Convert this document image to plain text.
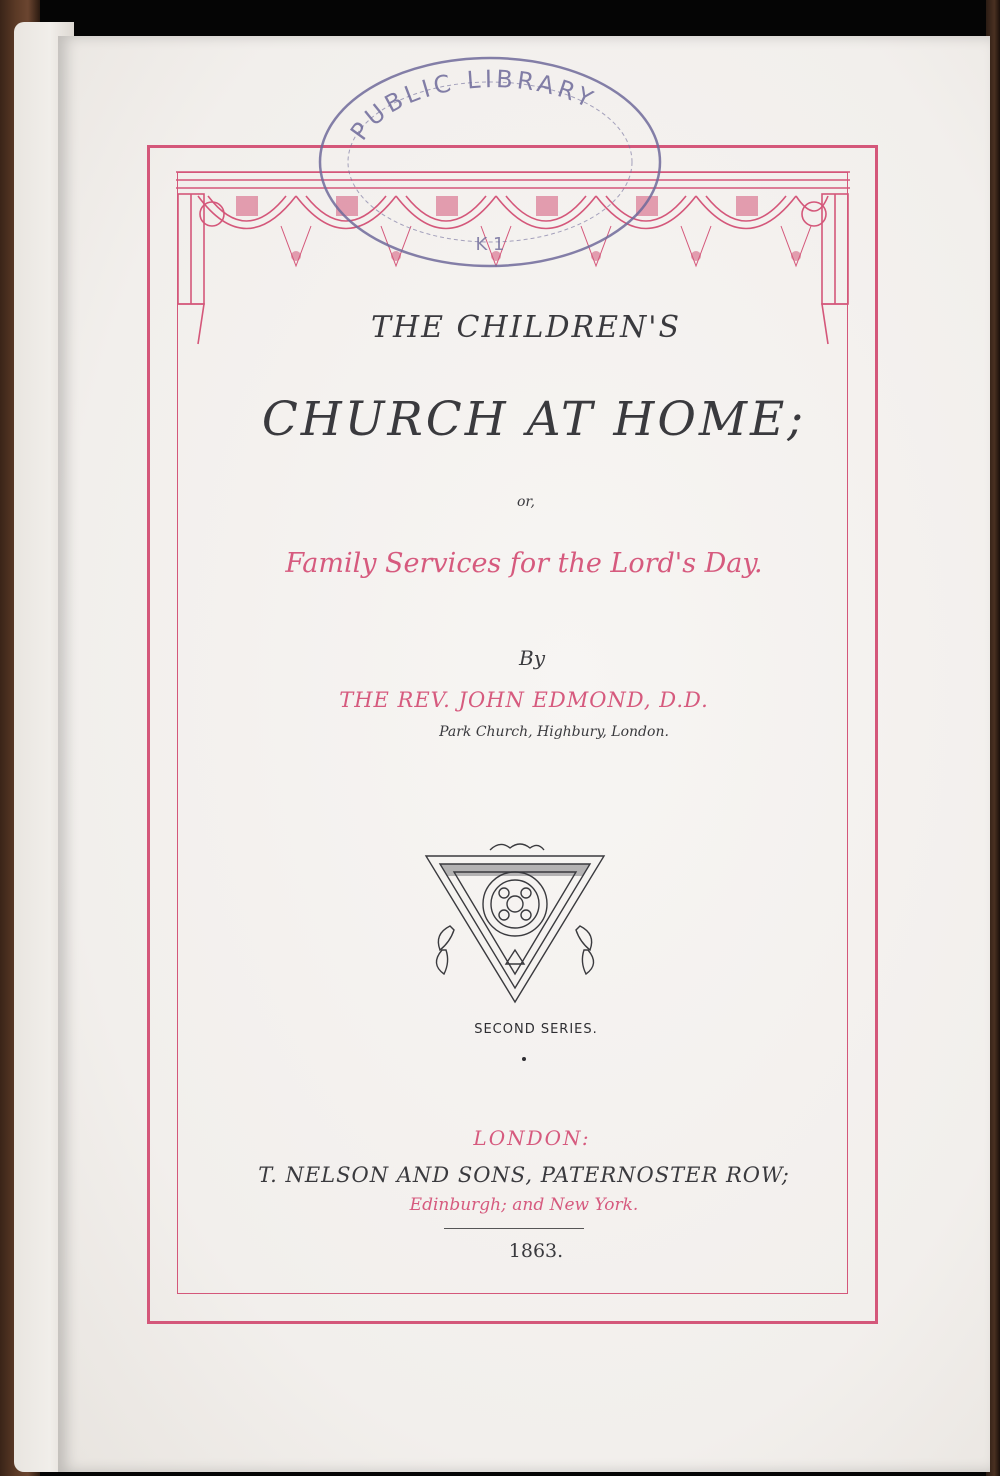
PUBLIC LIBRARY
K 1
THE CHILDREN'S
CHURCH AT HOME;
or,
Family Services for the Lord's Day.
By
THE REV. JOHN EDMOND, D.D.
Park Church, Highbury, London.
SECOND SERIES.
LONDON:
T. NELSON AND SONS, PATERNOSTER ROW;
Edinburgh; and New York.
1863.
